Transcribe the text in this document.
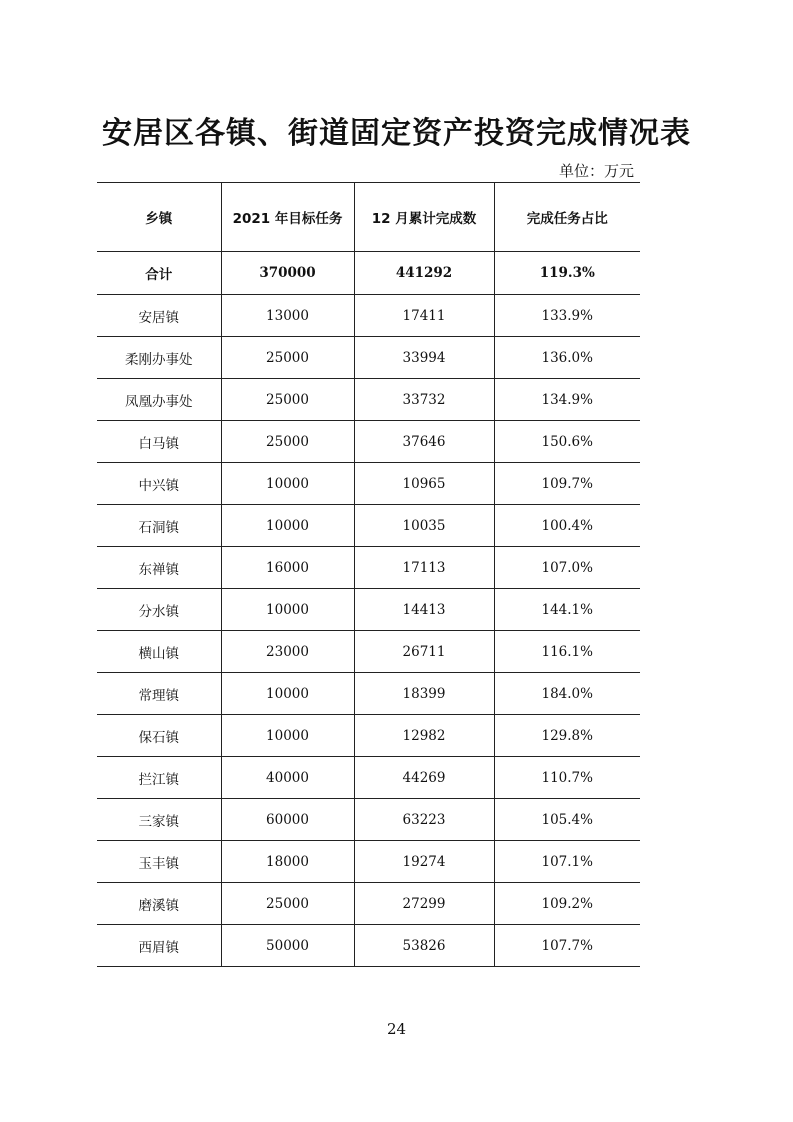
安居区各镇、街道固定资产投资完成情况表
单位：万元
乡镇	2021 年目标任务	12 月累计完成数	完成任务占比
合计	370000	441292	119.3%
安居镇	13000	17411	133.9%
柔刚办事处	25000	33994	136.0%
凤凰办事处	25000	33732	134.9%
白马镇	25000	37646	150.6%
中兴镇	10000	10965	109.7%
石洞镇	10000	10035	100.4%
东禅镇	16000	17113	107.0%
分水镇	10000	14413	144.1%
横山镇	23000	26711	116.1%
常理镇	10000	18399	184.0%
保石镇	10000	12982	129.8%
拦江镇	40000	44269	110.7%
三家镇	60000	63223	105.4%
玉丰镇	18000	19274	107.1%
磨溪镇	25000	27299	109.2%
西眉镇	50000	53826	107.7%
24
